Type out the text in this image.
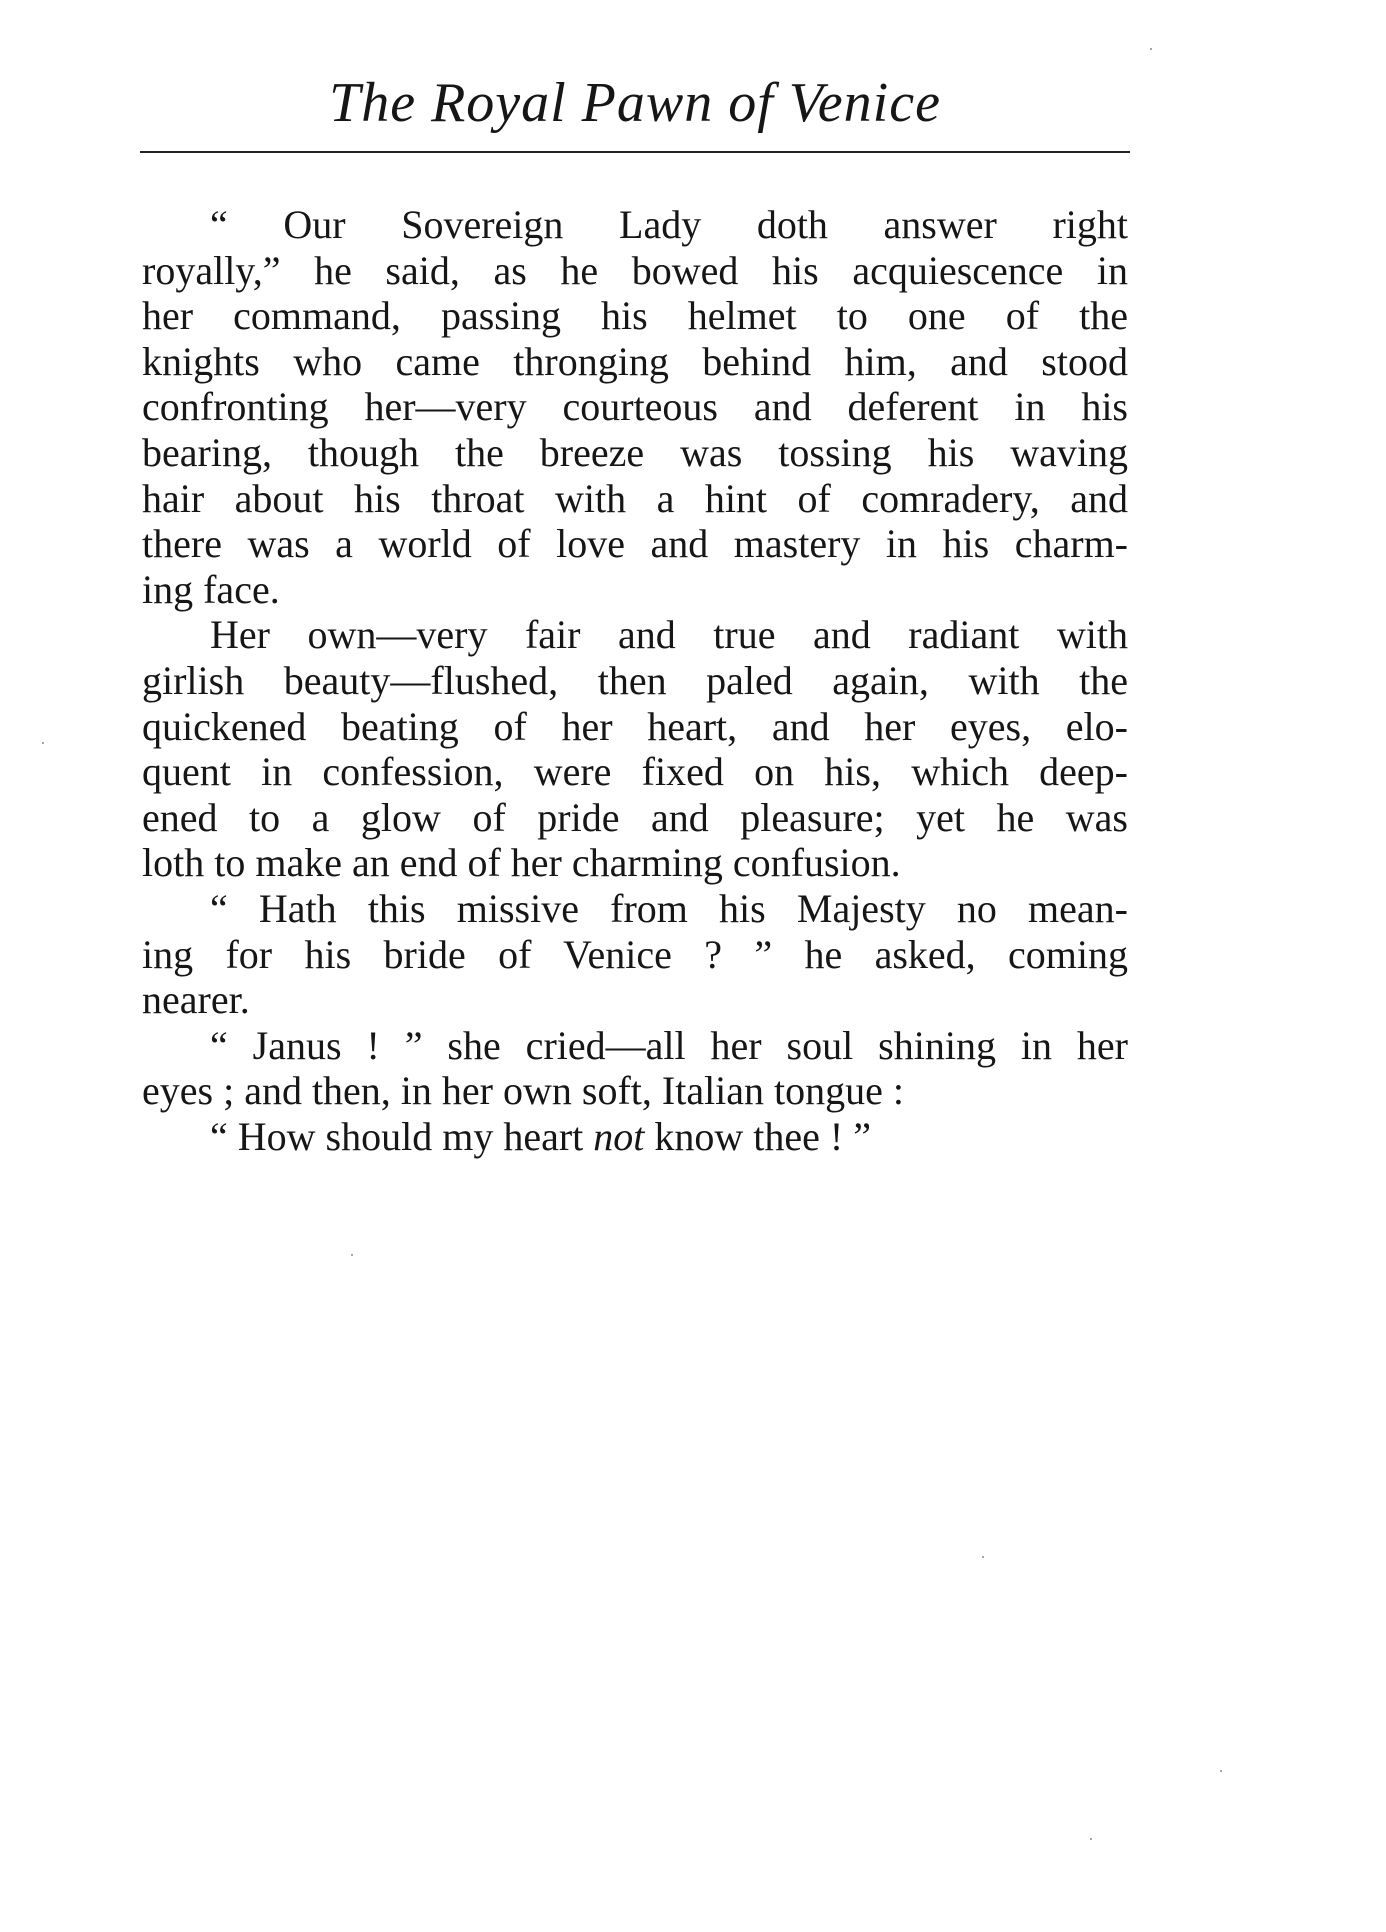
The Royal Pawn of Venice
“ Our Sovereign Lady doth answer right
royally,” he said, as he bowed his acquiescence in
her command, passing his helmet to one of the
knights who came thronging behind him, and stood
confronting her—very courteous and deferent in his
bearing, though the breeze was tossing his waving
hair about his throat with a hint of comradery, and
there was a world of love and mastery in his charm-
ing face.
Her own—very fair and true and radiant with
girlish beauty—flushed, then paled again, with the
quickened beating of her heart, and her eyes, elo-
quent in confession, were fixed on his, which deep-
ened to a glow of pride and pleasure; yet he was
loth to make an end of her charming confusion.
“ Hath this missive from his Majesty no mean-
ing for his bride of Venice ? ” he asked, coming
nearer.
“ Janus ! ” she cried—all her soul shining in her
eyes ; and then, in her own soft, Italian tongue :
“ How should my heart not know thee ! ”
